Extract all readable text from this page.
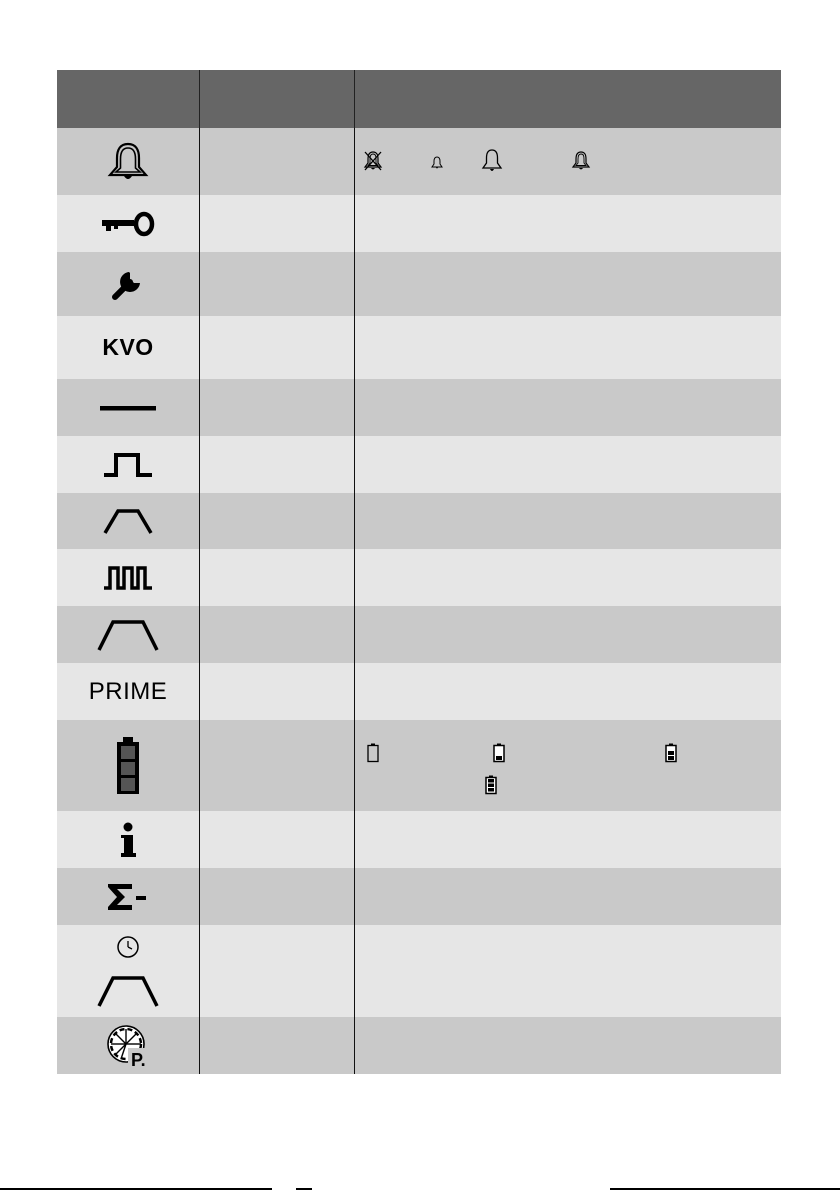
KVO
PRIME
P.
